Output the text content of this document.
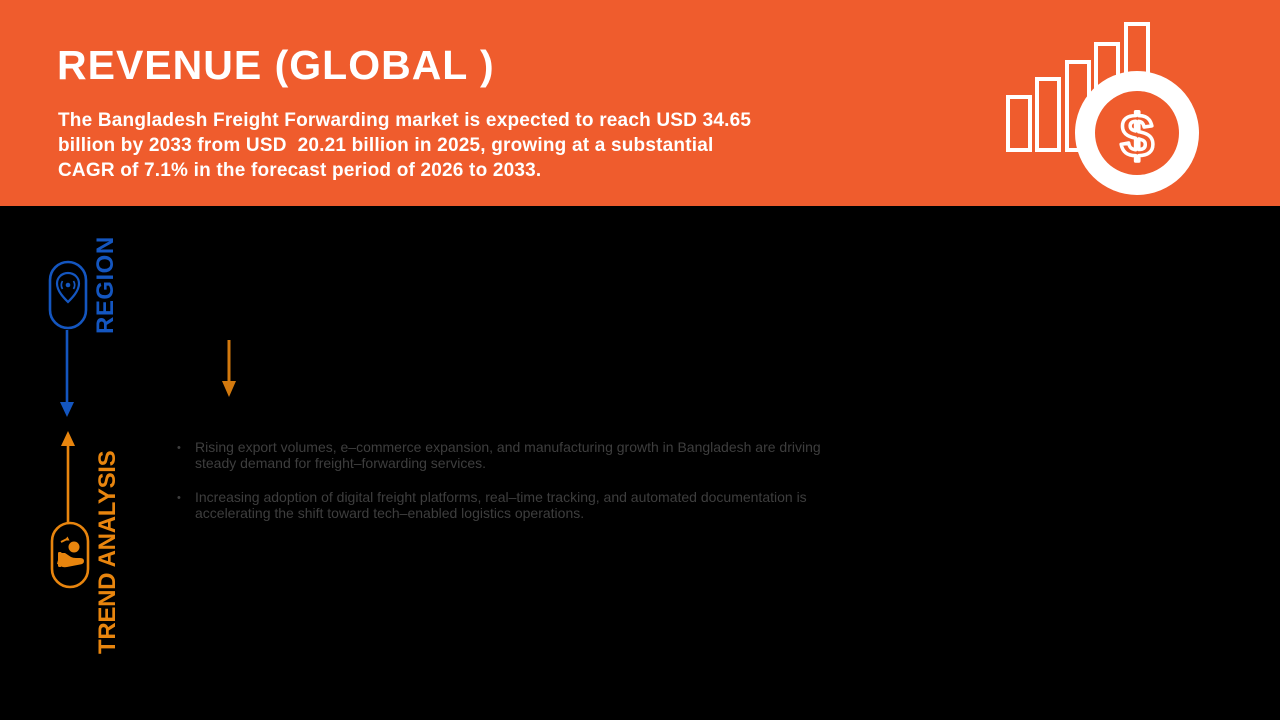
REVENUE (GLOBAL )
The Bangladesh Freight Forwarding market is expected to reach USD 34.65
billion by 2033 from USD  20.21 billion in 2025, growing at a substantial
CAGR of 7.1% in the forecast period of 2026 to 2033.
$
REGION
TREND ANALYSIS
•	Rising export volumes, e–commerce expansion, and manufacturing growth in Bangladesh are driving
steady demand for freight–forwarding services.
•	Increasing adoption of digital freight platforms, real–time tracking, and automated documentation is
accelerating the shift toward tech–enabled logistics operations.
